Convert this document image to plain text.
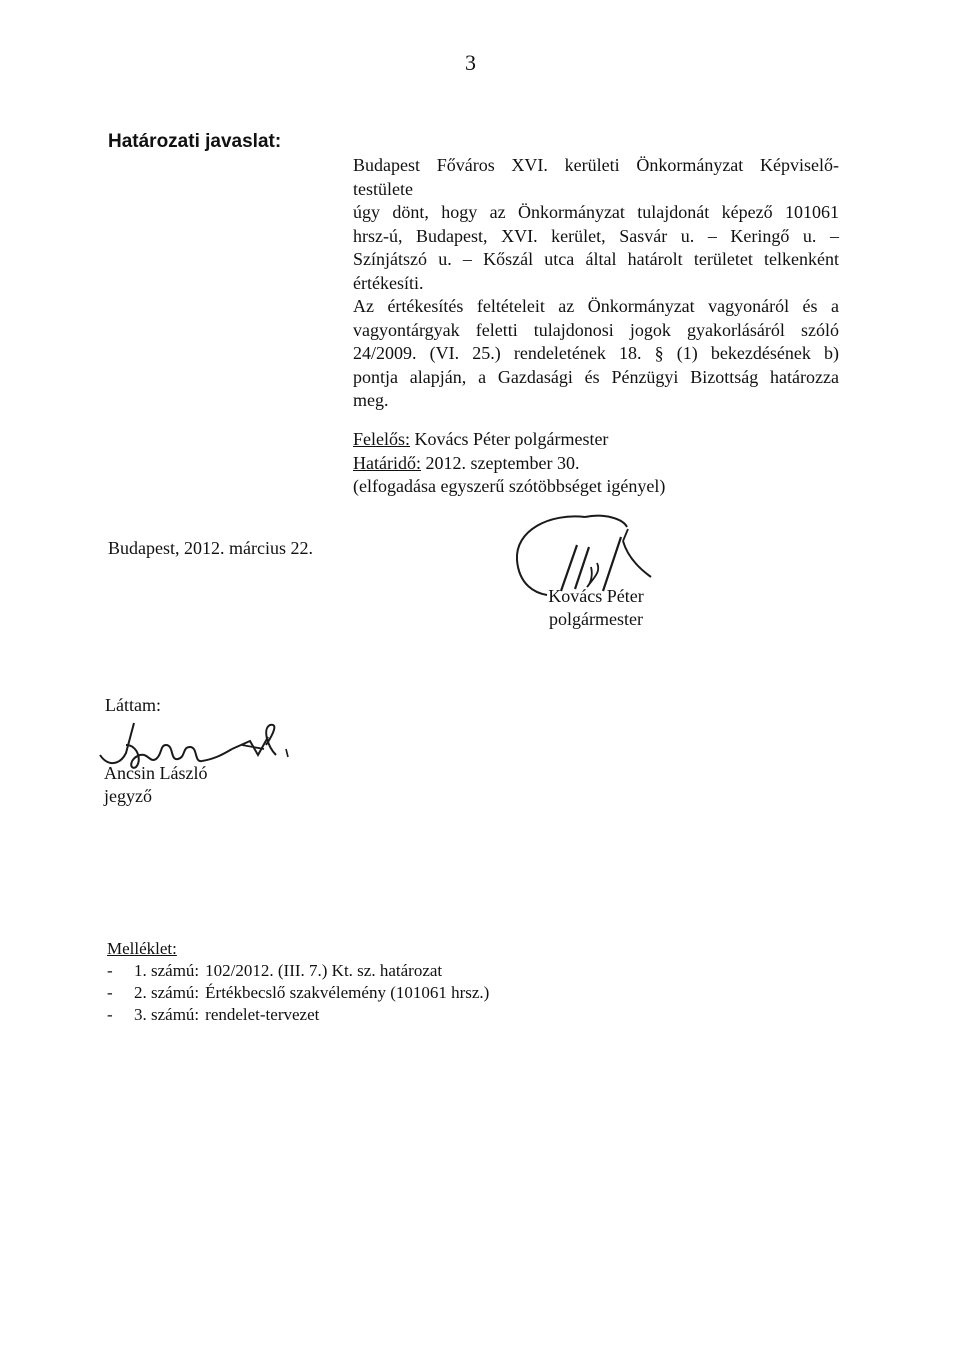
3
Határozati javaslat:
Budapest Főváros XVI. kerületi Önkormányzat Képviselő-
testülete
úgy dönt, hogy az Önkormányzat tulajdonát képező 101061
hrsz-ú, Budapest, XVI. kerület, Sasvár u. – Keringő u. –
Színjátszó u. – Kőszál utca által határolt területet telkenként
értékesíti.
Az értékesítés feltételeit az Önkormányzat vagyonáról és a
vagyontárgyak feletti tulajdonosi jogok gyakorlásáról szóló
24/2009. (VI. 25.) rendeletének 18. § (1) bekezdésének b)
pontja alapján, a Gazdasági és Pénzügyi Bizottság határozza
meg.
Felelős: Kovács Péter polgármester
Határidő: 2012. szeptember 30.
(elfogadása egyszerű szótöbbséget igényel)
Budapest, 2012. március 22.
Kovács Péter
polgármester
Láttam:
Ancsin László
jegyző
Melléklet:
-	1. számú: 102/2012. (III. 7.) Kt. sz. határozat
-	2. számú: Értékbecslő szakvélemény (101061 hrsz.)
-	3. számú: rendelet-tervezet
